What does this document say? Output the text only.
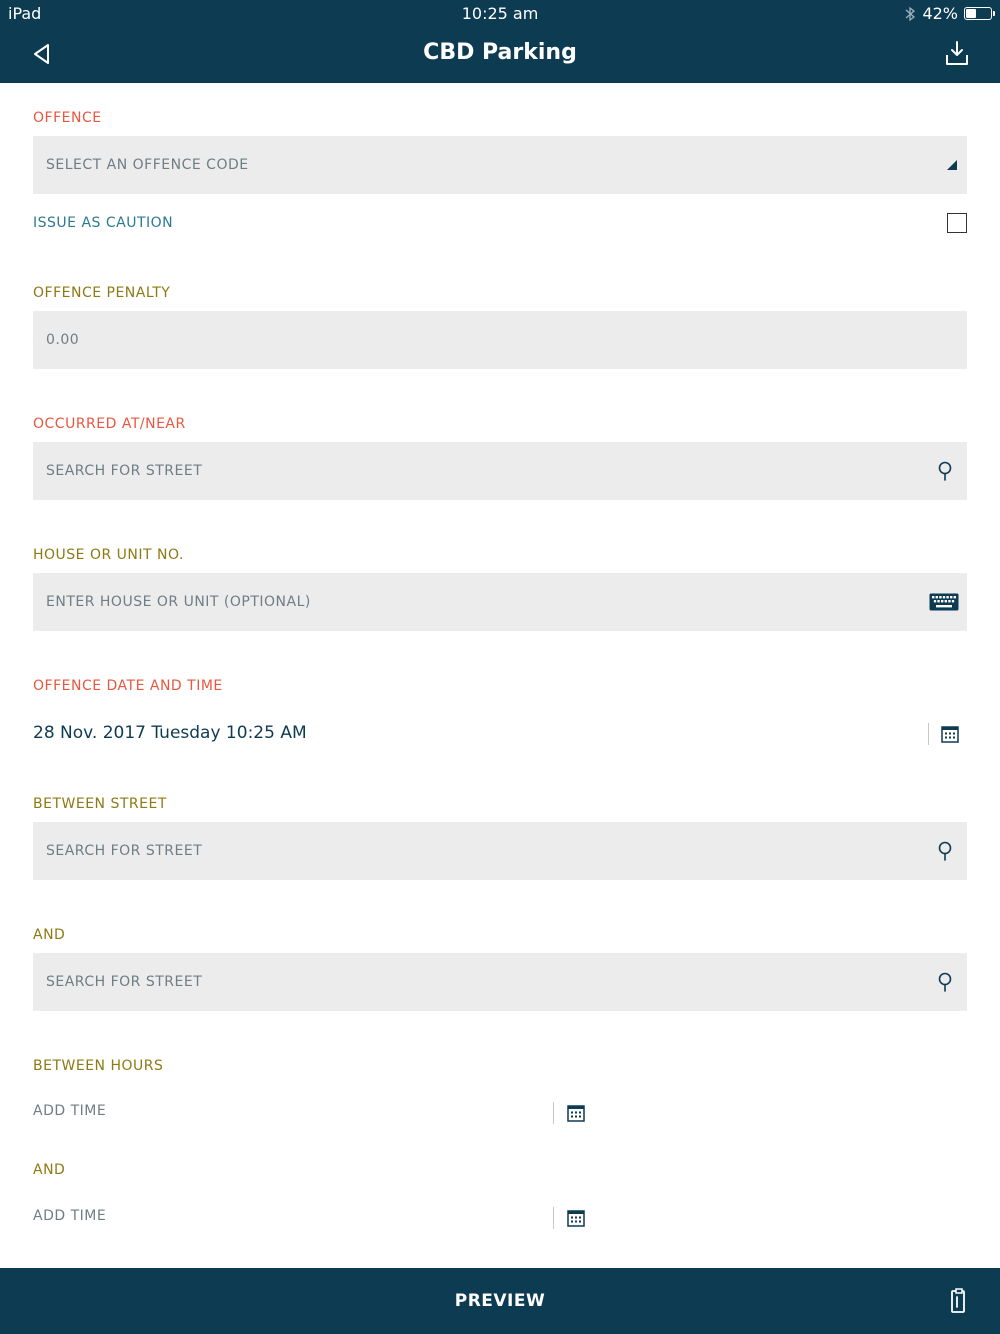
iPad	10:25 am	42%
CBD Parking
OFFENCE
SELECT AN OFFENCE CODE
ISSUE AS CAUTION
OFFENCE PENALTY
0.00
OCCURRED AT/NEAR
SEARCH FOR STREET
HOUSE OR UNIT NO.
ENTER HOUSE OR UNIT (OPTIONAL)
OFFENCE DATE AND TIME
28 Nov. 2017 Tuesday 10:25 AM
BETWEEN STREET
SEARCH FOR STREET
AND
SEARCH FOR STREET
BETWEEN HOURS
ADD TIME
AND
ADD TIME
PREVIEW
